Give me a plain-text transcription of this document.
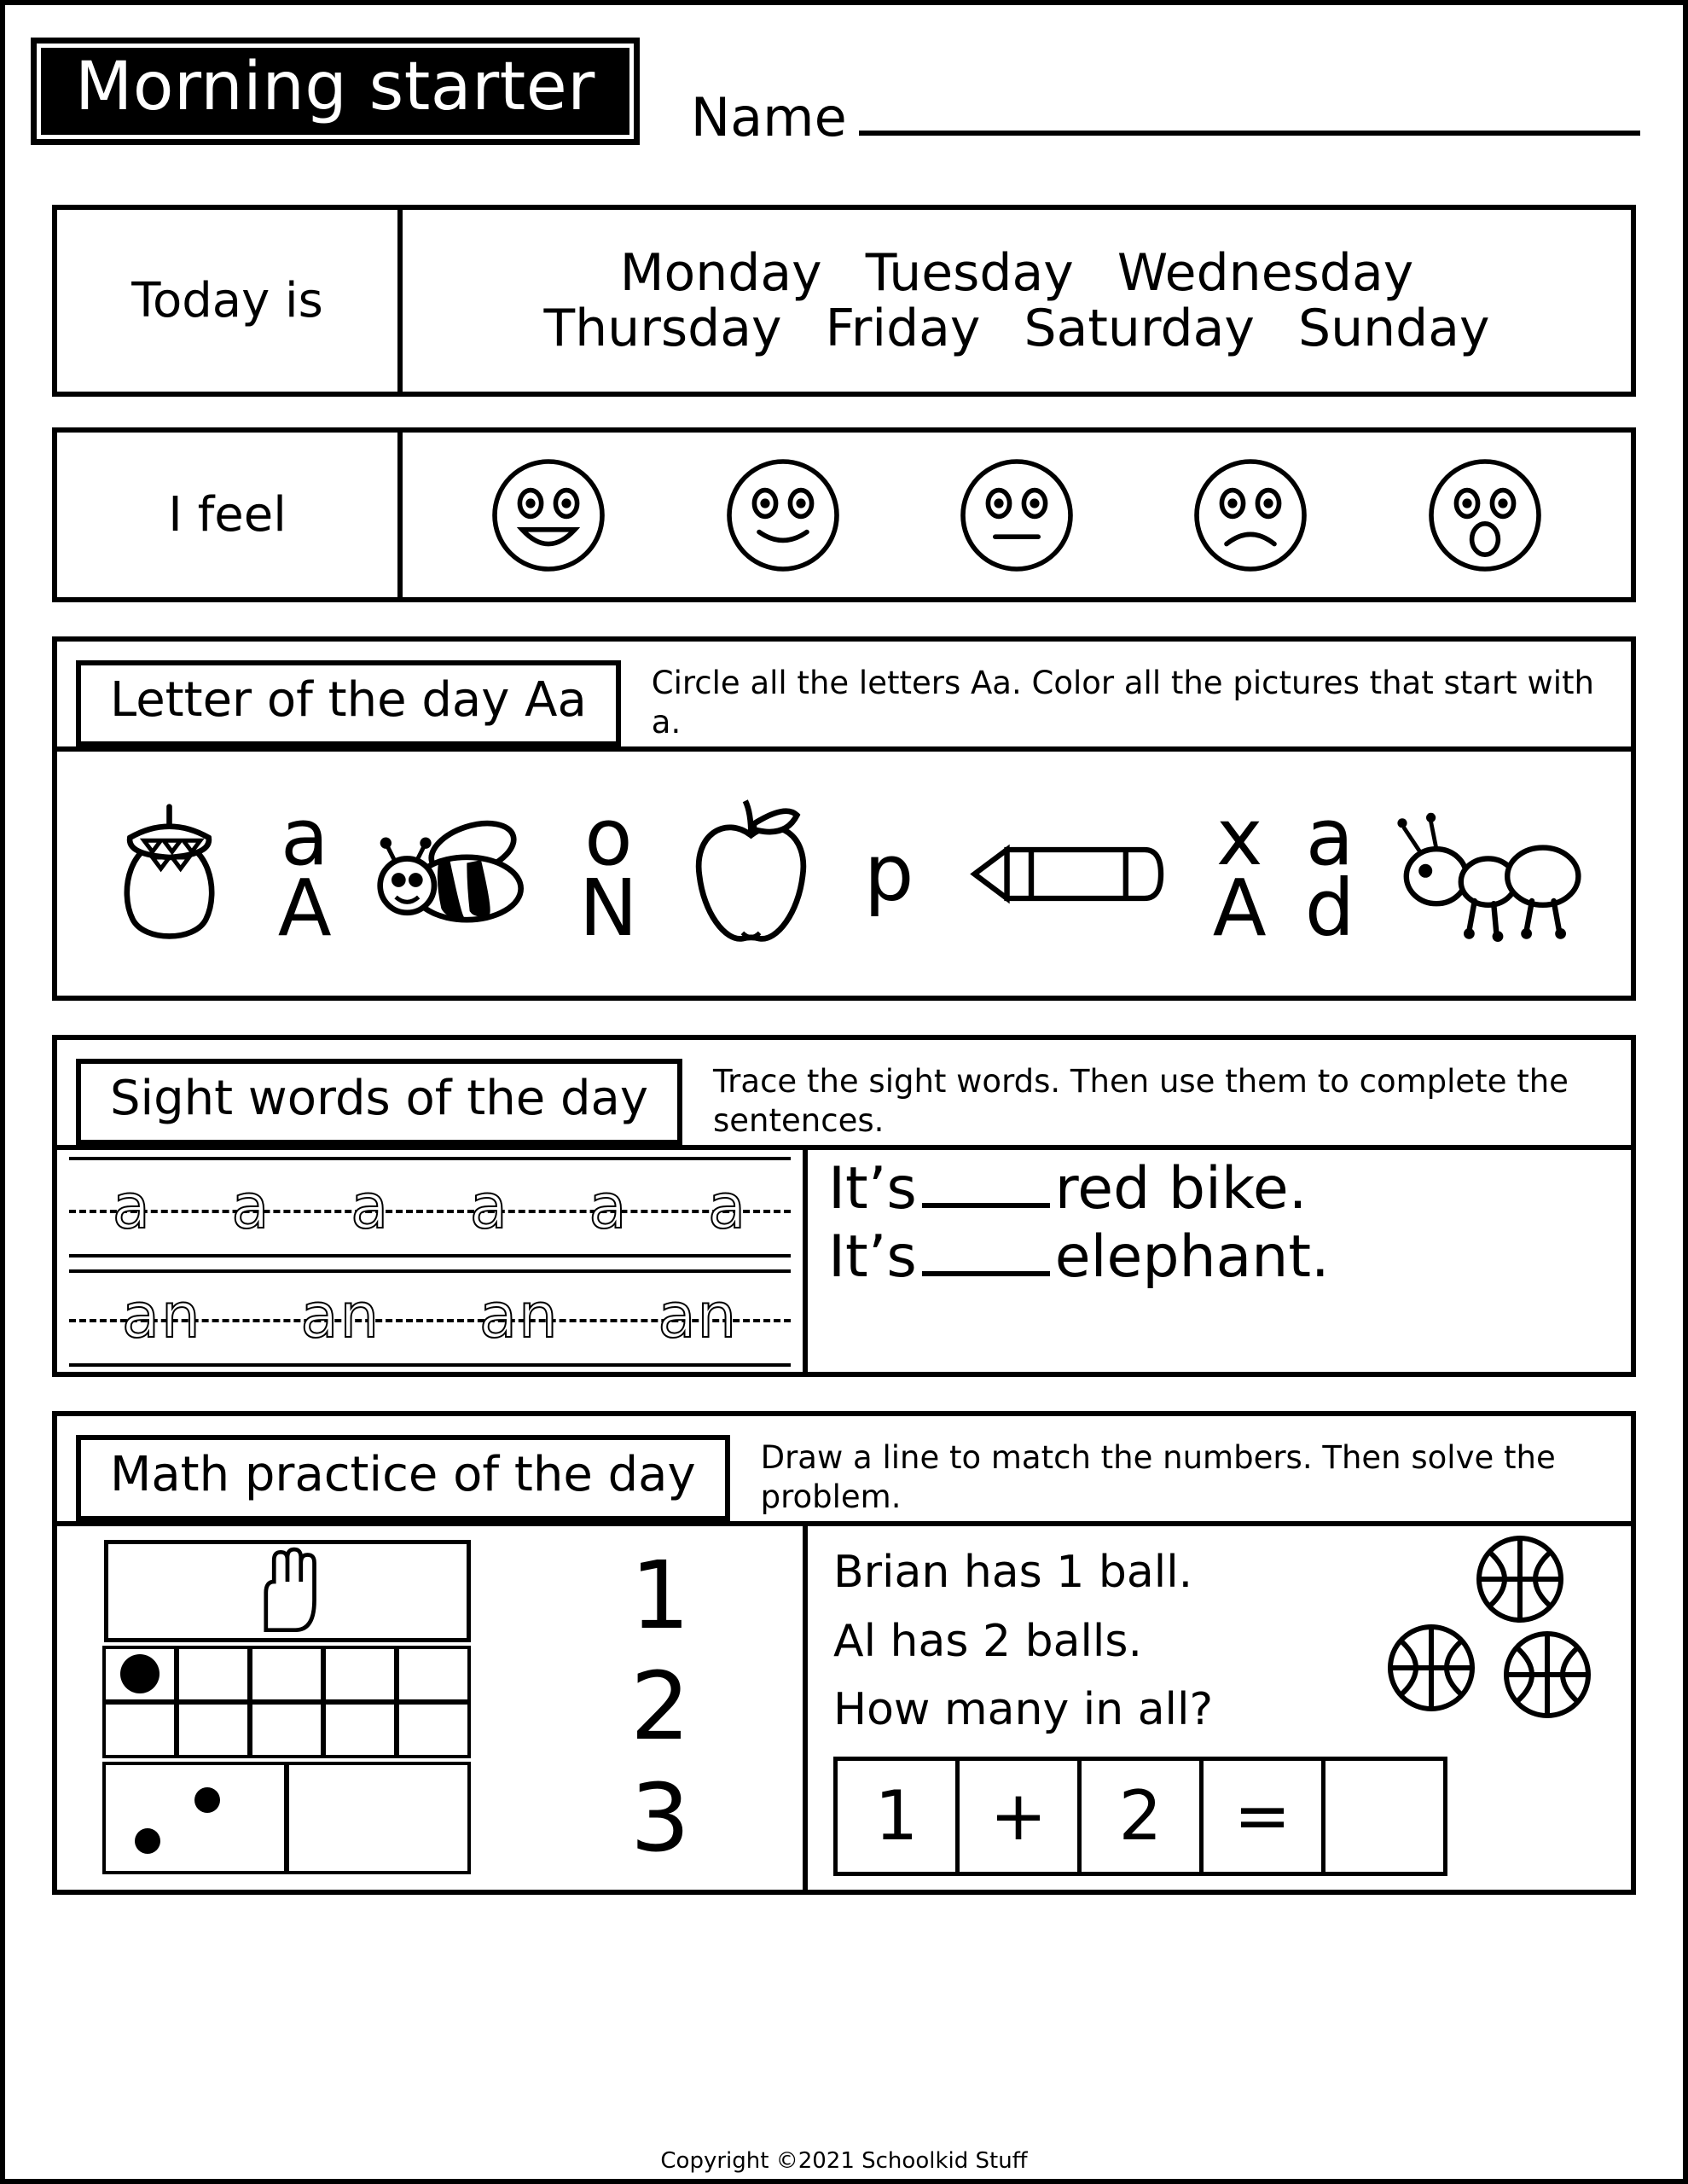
Morning starter	Name
Today is	Monday Tuesday Wednesday
Thursday Friday Saturday Sunday
I feel
Letter of the day Aa	Circle all the letters Aa. Color all the pictures that start with a.
a
A
o
N	p	x
A
a
d
Sight words of the day	Trace the sight words. Then use them to complete the sentences.
a a a a a a
an an an an
It’s red bike.
It’s elephant.
Math practice of the day	Draw a line to match the numbers. Then solve the problem.
1
2
3
Brian has 1 ball.
Al has 2 balls.
How many in all?
1	+	2	=
Copyright ©2021 Schoolkid Stuff
